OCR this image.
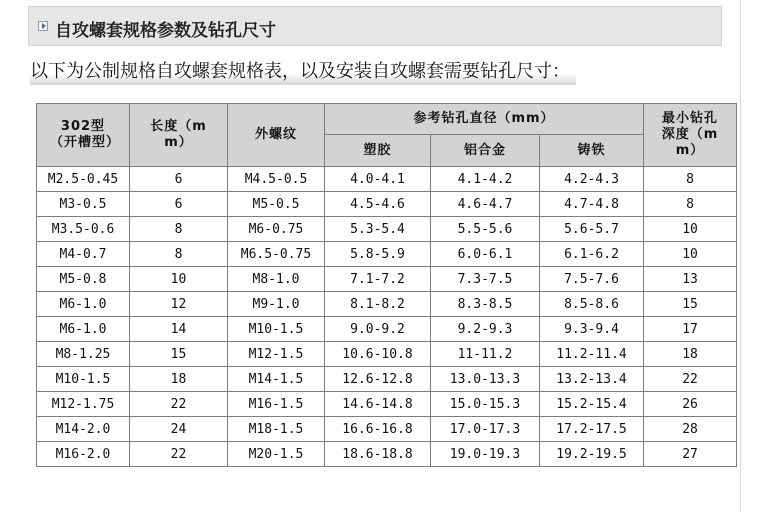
自攻螺套规格参数及钻孔尺寸
以下为公制规格自攻螺套规格表，以及安装自攻螺套需要钻孔尺寸：
302型（开槽型）	长度（mm）	外螺纹	参考钻孔直径（mm）			最小钻孔深度（mm）
			塑胶	铝合金	铸铁	
M2.5-0.45	6	M4.5-0.5	4.0-4.1	4.1-4.2	4.2-4.3	8
M3-0.5	6	M5-0.5	4.5-4.6	4.6-4.7	4.7-4.8	8
M3.5-0.6	8	M6-0.75	5.3-5.4	5.5-5.6	5.6-5.7	10
M4-0.7	8	M6.5-0.75	5.8-5.9	6.0-6.1	6.1-6.2	10
M5-0.8	10	M8-1.0	7.1-7.2	7.3-7.5	7.5-7.6	13
M6-1.0	12	M9-1.0	8.1-8.2	8.3-8.5	8.5-8.6	15
M6-1.0	14	M10-1.5	9.0-9.2	9.2-9.3	9.3-9.4	17
M8-1.25	15	M12-1.5	10.6-10.8	11-11.2	11.2-11.4	18
M10-1.5	18	M14-1.5	12.6-12.8	13.0-13.3	13.2-13.4	22
M12-1.75	22	M16-1.5	14.6-14.8	15.0-15.3	15.2-15.4	26
M14-2.0	24	M18-1.5	16.6-16.8	17.0-17.3	17.2-17.5	28
M16-2.0	22	M20-1.5	18.6-18.8	19.0-19.3	19.2-19.5	27
